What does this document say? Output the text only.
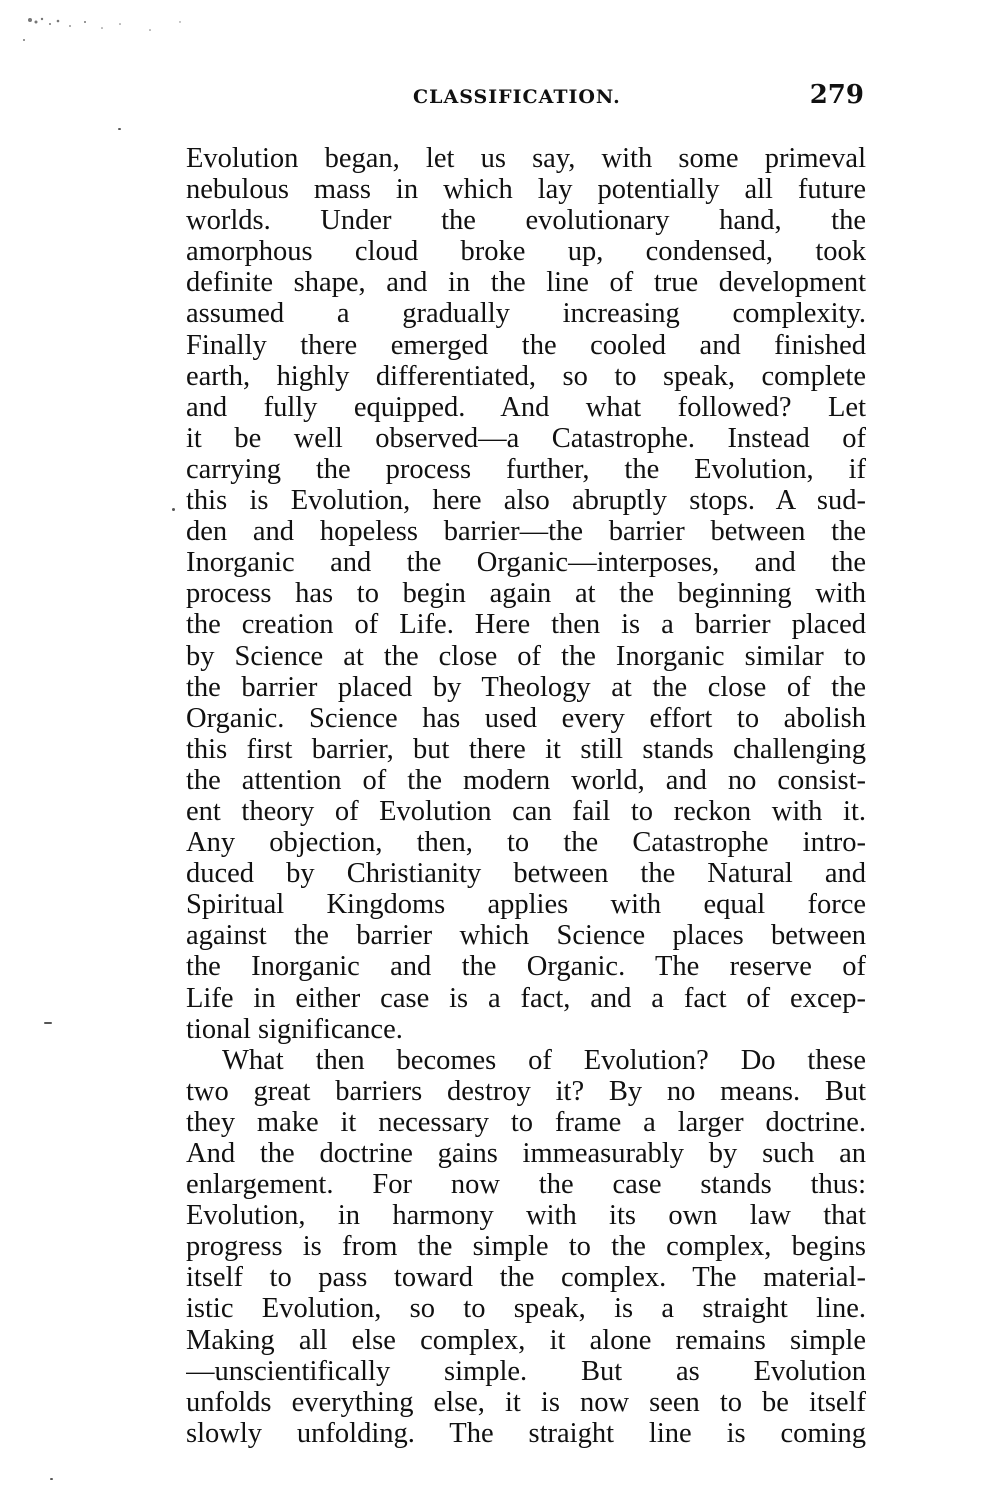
CLASSIFICATION.	279
Evolution began, let us say, with some primeval
nebulous mass in which lay potentially all future
worlds. Under the evolutionary hand, the
amorphous cloud broke up, condensed, took
definite shape, and in the line of true development
assumed a gradually increasing complexity.
Finally there emerged the cooled and finished
earth, highly differentiated, so to speak, complete
and fully equipped. And what followed? Let
it be well observed—a Catastrophe. Instead of
carrying the process further, the Evolution, if
this is Evolution, here also abruptly stops. A sud-
den and hopeless barrier—the barrier between the
Inorganic and the Organic—interposes, and the
process has to begin again at the beginning with
the creation of Life. Here then is a barrier placed
by Science at the close of the Inorganic similar to
the barrier placed by Theology at the close of the
Organic. Science has used every effort to abolish
this first barrier, but there it still stands challenging
the attention of the modern world, and no consist-
ent theory of Evolution can fail to reckon with it.
Any objection, then, to the Catastrophe intro-
duced by Christianity between the Natural and
Spiritual Kingdoms applies with equal force
against the barrier which Science places between
the Inorganic and the Organic. The reserve of
Life in either case is a fact, and a fact of excep-
tional significance.
What then becomes of Evolution? Do these
two great barriers destroy it? By no means. But
they make it necessary to frame a larger doctrine.
And the doctrine gains immeasurably by such an
enlargement. For now the case stands thus:
Evolution, in harmony with its own law that
progress is from the simple to the complex, begins
itself to pass toward the complex. The material-
istic Evolution, so to speak, is a straight line.
Making all else complex, it alone remains simple
—unscientifically simple. But as Evolution
unfolds everything else, it is now seen to be itself
slowly unfolding. The straight line is coming
